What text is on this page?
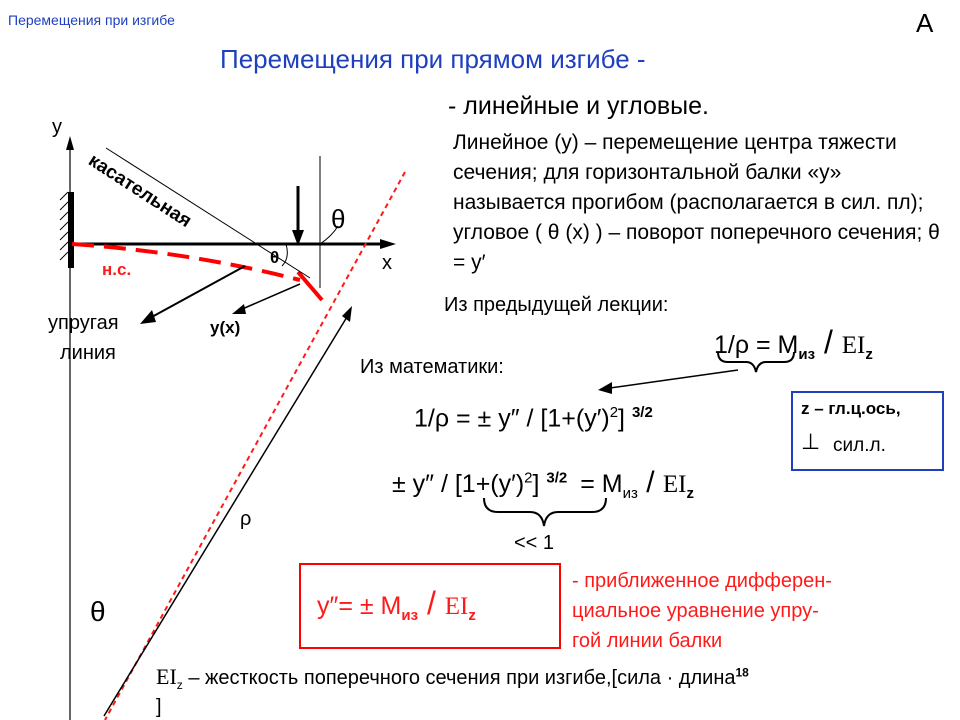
Перемещения при изгибе	A
Перемещения при прямом изгибе -
- линейные и угловые.
Линейное (y) – перемещение центра тяжести сечения; для горизонтальной балки «y» называется прогибом (располагается в сил. пл); угловое ( θ (x) ) – поворот поперечного сечения; θ = y′
y
x
касательная	θ
θ
н.с.
упругая
линия
y(x)
ρ
θ
Из предыдущей лекции:
$1/\rho = M_{из} / EI_z$
Из математики:
1/ρ = ± $y'' / [1+(y')^2]$ $^{3/2}$
± $y'' / [1+(y')^2] ^{3/2} = M_{из} / EI_z$
<< 1
z – гл.ц.ось,
⊥ сил.л.
$y''= \pm M_{из} / EI_z$
- приближенное дифферен-
циальное уравнение упру-
гой линии балки
$EI_z$ – жесткость поперечного сечения при изгибе,[сила · длина$^{18}$
]
